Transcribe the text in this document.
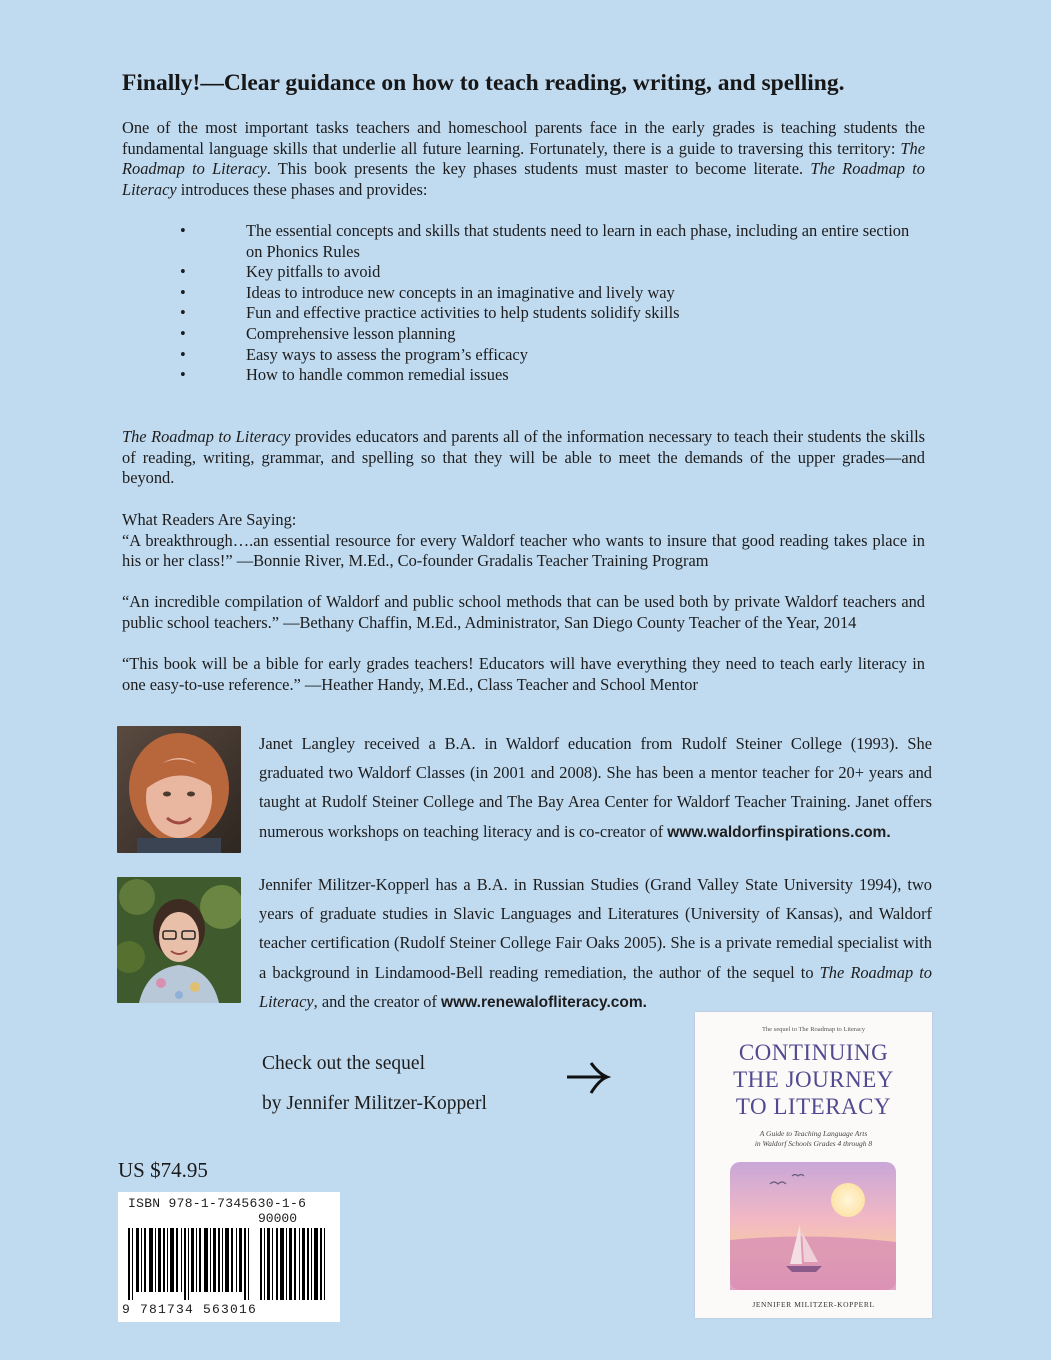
Finally!—Clear guidance on how to teach reading, writing, and spelling.
One of the most important tasks teachers and homeschool parents face in the early grades is teaching students the fundamental language skills that underlie all future learning. Fortunately, there is a guide to traversing this territory: The Roadmap to Literacy. This book presents the key phases students must master to become literate. The Roadmap to Literacy introduces these phases and provides:
•	The essential concepts and skills that students need to learn in each phase, including an entire section on Phonics Rules
•	Key pitfalls to avoid
•	Ideas to introduce new concepts in an imaginative and lively way
•	Fun and effective practice activities to help students solidify skills
•	Comprehensive lesson planning
•	Easy ways to assess the program’s efficacy
•	How to handle common remedial issues
The Roadmap to Literacy provides educators and parents all of the information necessary to teach their students the skills of reading, writing, grammar, and spelling so that they will be able to meet the demands of the upper grades—and beyond.
What Readers Are Saying:
“A breakthrough….an essential resource for every Waldorf teacher who wants to insure that good reading takes place in his or her class!” —Bonnie River, M.Ed., Co-founder Gradalis Teacher Training Program
“An incredible compilation of Waldorf and public school methods that can be used both by private Waldorf teachers and public school teachers.” —Bethany Chaffin, M.Ed., Administrator, San Diego County Teacher of the Year, 2014
“This book will be a bible for early grades teachers! Educators will have everything they need to teach early literacy in one easy-to-use reference.” —Heather Handy, M.Ed., Class Teacher and School Mentor
Janet Langley received a B.A. in Waldorf education from Rudolf Steiner College (1993). She graduated two Waldorf Classes (in 2001 and 2008). She has been a mentor teacher for 20+ years and taught at Rudolf Steiner College and The Bay Area Center for Waldorf Teacher Training. Janet offers numerous workshops on teaching literacy and is co-creator of www.waldorfinspirations.com.
Jennifer Militzer-Kopperl has a B.A. in Russian Studies (Grand Valley State University 1994), two years of graduate studies in Slavic Languages and Literatures (University of Kansas), and Waldorf teacher certification (Rudolf Steiner College Fair Oaks 2005). She is a private remedial specialist with a background in Lindamood-Bell reading remediation, the author of the sequel to The Roadmap to Literacy, and the creator of www.renewalofliteracy.com.
Check out the sequel
by Jennifer Militzer-Kopperl
The sequel to The Roadmap to Literacy
CONTINUING
THE JOURNEY
TO LITERACY
A Guide to Teaching Language Arts
in Waldorf Schools Grades 4 through 8
JENNIFER MILITZER-KOPPERL
US $74.95
ISBN 978-1-7345630-1-6
90000
9 781734 563016
